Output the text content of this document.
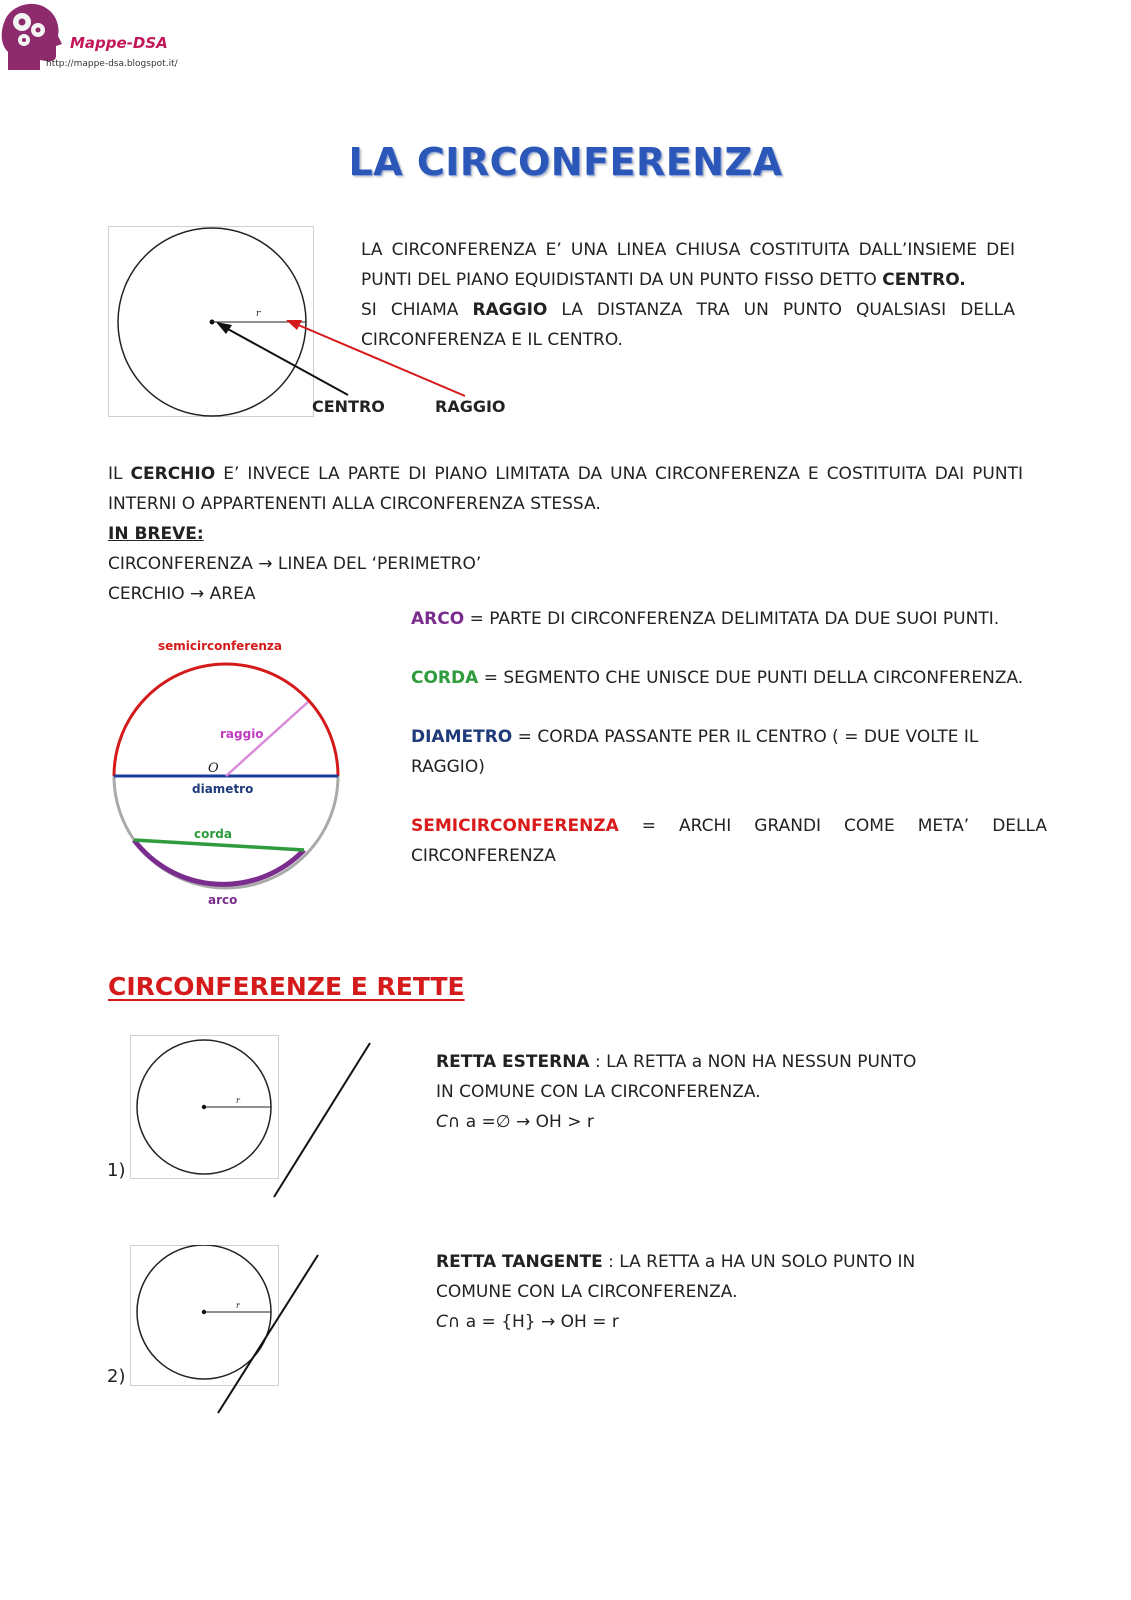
Mappe-DSA
http://mappe-dsa.blogspot.it/
LA CIRCONFERENZA
r
CENTRO	RAGGIO
LA CIRCONFERENZA E’ UNA LINEA CHIUSA COSTITUITA DALL’INSIEME DEI
PUNTI DEL PIANO EQUIDISTANTI DA UN PUNTO FISSO DETTO CENTRO.
SI CHIAMA RAGGIO LA DISTANZA TRA UN PUNTO QUALSIASI DELLA
CIRCONFERENZA E IL CENTRO.
IL CERCHIO E’ INVECE LA PARTE DI PIANO LIMITATA DA UNA CIRCONFERENZA E COSTITUITA DAI PUNTI
INTERNI O APPARTENENTI ALLA CIRCONFERENZA STESSA.
IN BREVE:
CIRCONFERENZA → LINEA DEL ‘PERIMETRO’
CERCHIO → AREA
semicirconferenza
raggio
O
diametro
corda
arco
ARCO = PARTE DI CIRCONFERENZA DELIMITATA DA DUE SUOI PUNTI.
CORDA = SEGMENTO CHE UNISCE DUE PUNTI DELLA CIRCONFERENZA.
DIAMETRO = CORDA PASSANTE PER IL CENTRO ( = DUE VOLTE IL RAGGIO)
SEMICIRCONFERENZA = ARCHI GRANDI COME META’ DELLA
CIRCONFERENZA
CIRCONFERENZE E RETTE
r
1)
RETTA ESTERNA : LA RETTA a NON HA NESSUN PUNTO
IN COMUNE CON LA CIRCONFERENZA.
C∩ a =∅ → OH > r
r
2)
RETTA TANGENTE : LA RETTA a HA UN SOLO PUNTO IN
COMUNE CON LA CIRCONFERENZA.
C∩ a = {H} → OH = r
